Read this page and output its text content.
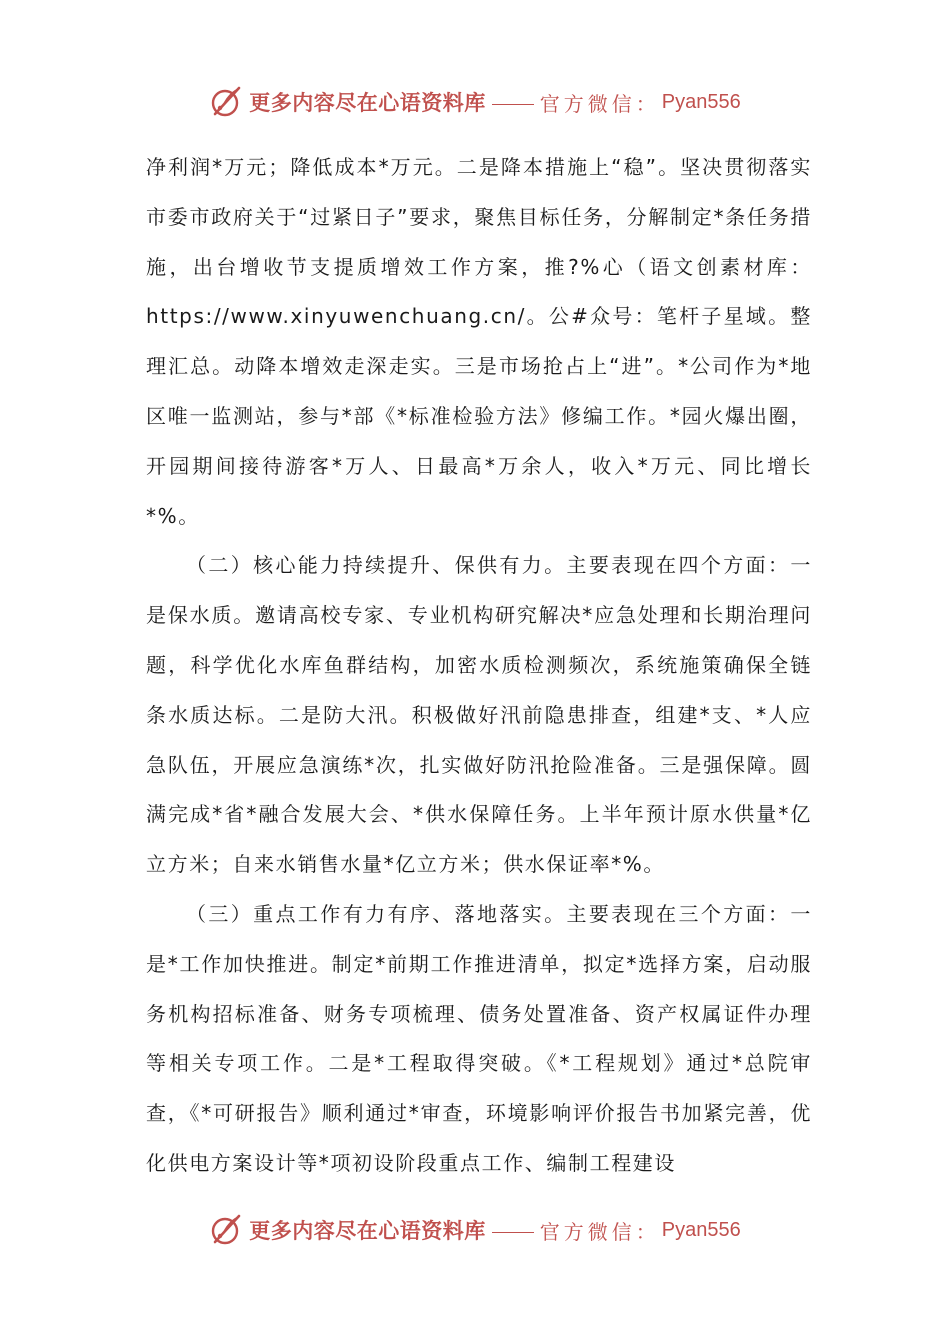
更多内容尽在心语资料库	官方微信： Pyan556

净利润*万元；降低成本*万元。二是降本措施上“稳”。坚决贯彻落实市委市政府关于“过紧日子”要求，聚焦目标任务，分解制定*条任务措施，出台增收节支提质增效工作方案，推?%心（语文创素材库：https://www.xinyuwenchuang.cn/。公#众号：笔杆子星域。整理汇总。动降本增效走深走实。三是市场抢占上“进”。*公司作为*地区唯一监测站，参与*部《*标准检验方法》修编工作。*园火爆出圈，开园期间接待游客*万人、日最高*万余人，收入*万元、同比增长*%。

（二）核心能力持续提升、保供有力。主要表现在四个方面：一是保水质。邀请高校专家、专业机构研究解决*应急处理和长期治理问题，科学优化水库鱼群结构，加密水质检测频次，系统施策确保全链条水质达标。二是防大汛。积极做好汛前隐患排查，组建*支、*人应急队伍，开展应急演练*次，扎实做好防汛抢险准备。三是强保障。圆满完成*省*融合发展大会、*供水保障任务。上半年预计原水供量*亿立方米；自来水销售水量*亿立方米；供水保证率*%。

（三）重点工作有力有序、落地落实。主要表现在三个方面：一是*工作加快推进。制定*前期工作推进清单，拟定*选择方案，启动服务机构招标准备、财务专项梳理、债务处置准备、资产权属证件办理等相关专项工作。二是*工程取得突破。《*工程规划》通过*总院审查，《*可研报告》顺利通过*审查，环境影响评价报告书加紧完善，优化供电方案设计等*项初设阶段重点工作、编制工程建设

更多内容尽在心语资料库	官方微信： Pyan556
